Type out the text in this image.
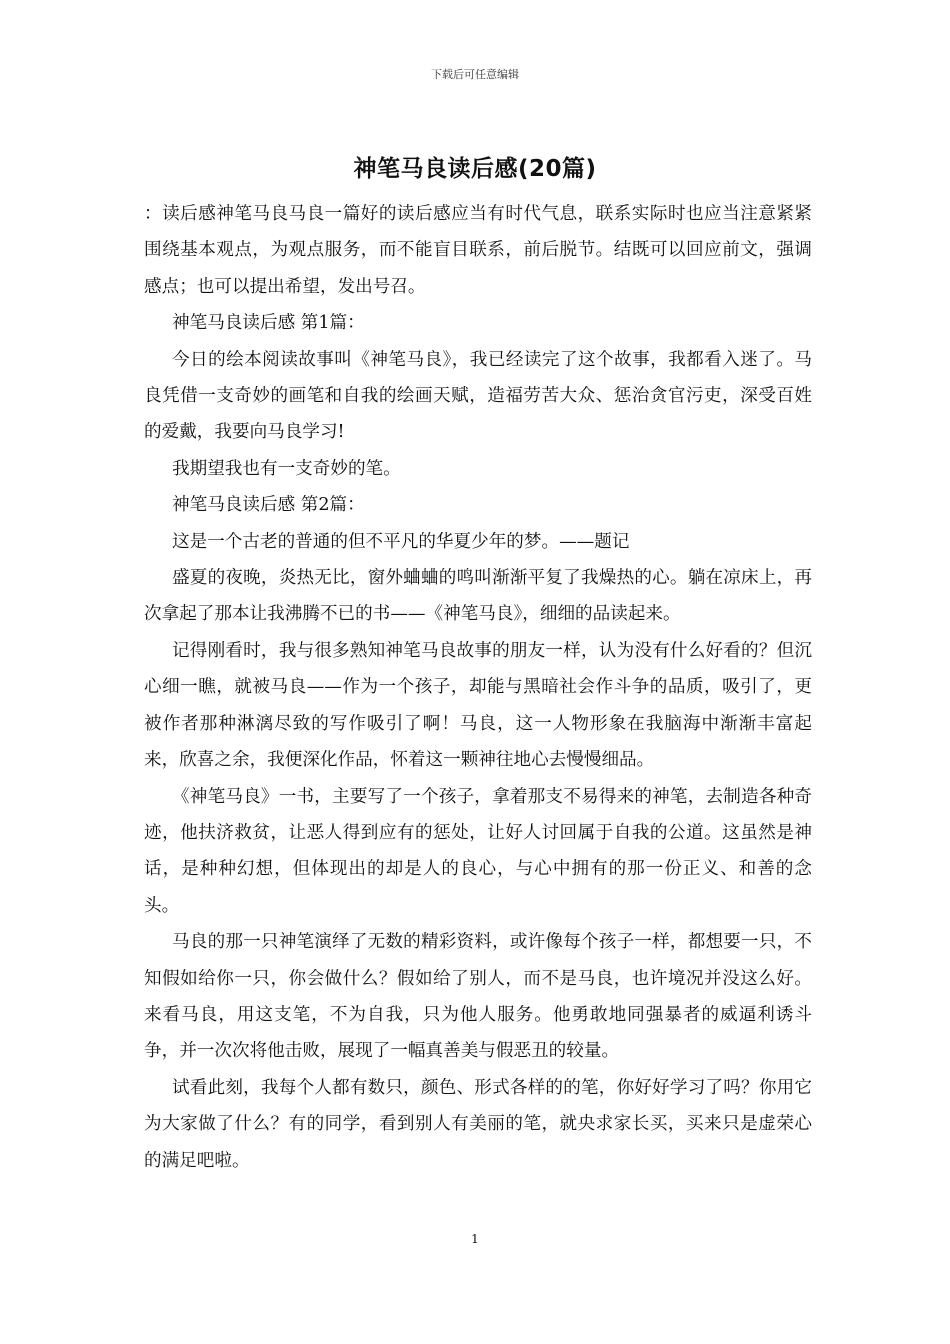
下载后可任意编辑
神笔马良读后感(20篇)

：读后感神笔马良马良一篇好的读后感应当有时代气息，联系实际时也应当注意紧紧围绕基本观点，为观点服务，而不能盲目联系，前后脱节。结既可以回应前文，强调感点；也可以提出希望，发出号召。

神笔马良读后感 第1篇：

今日的绘本阅读故事叫《神笔马良》，我已经读完了这个故事，我都看入迷了。马良凭借一支奇妙的画笔和自我的绘画天赋，造福劳苦大众、惩治贪官污吏，深受百姓的爱戴，我要向马良学习!

我期望我也有一支奇妙的笔。

神笔马良读后感 第2篇：

这是一个古老的普通的但不平凡的华夏少年的梦。——题记

盛夏的夜晚，炎热无比，窗外蛐蛐的鸣叫渐渐平复了我燥热的心。躺在凉床上，再次拿起了那本让我沸腾不已的书——《神笔马良》，细细的品读起来。

记得刚看时，我与很多熟知神笔马良故事的朋友一样，认为没有什么好看的？但沉心细一瞧，就被马良——作为一个孩子，却能与黑暗社会作斗争的品质，吸引了，更被作者那种淋漓尽致的写作吸引了啊！马良，这一人物形象在我脑海中渐渐丰富起来，欣喜之余，我便深化作品，怀着这一颗神往地心去慢慢细品。

《神笔马良》一书，主要写了一个孩子，拿着那支不易得来的神笔，去制造各种奇迹，他扶济救贫，让恶人得到应有的惩处，让好人讨回属于自我的公道。这虽然是神话，是种种幻想，但体现出的却是人的良心，与心中拥有的那一份正义、和善的念头。

马良的那一只神笔演绎了无数的精彩资料，或许像每个孩子一样，都想要一只，不知假如给你一只，你会做什么？假如给了别人，而不是马良，也许境况并没这么好。来看马良，用这支笔，不为自我，只为他人服务。他勇敢地同强暴者的威逼利诱斗争，并一次次将他击败，展现了一幅真善美与假恶丑的较量。

试看此刻，我每个人都有数只，颜色、形式各样的的笔，你好好学习了吗？你用它为大家做了什么？有的同学，看到别人有美丽的笔，就央求家长买，买来只是虚荣心的满足吧啦。

1
